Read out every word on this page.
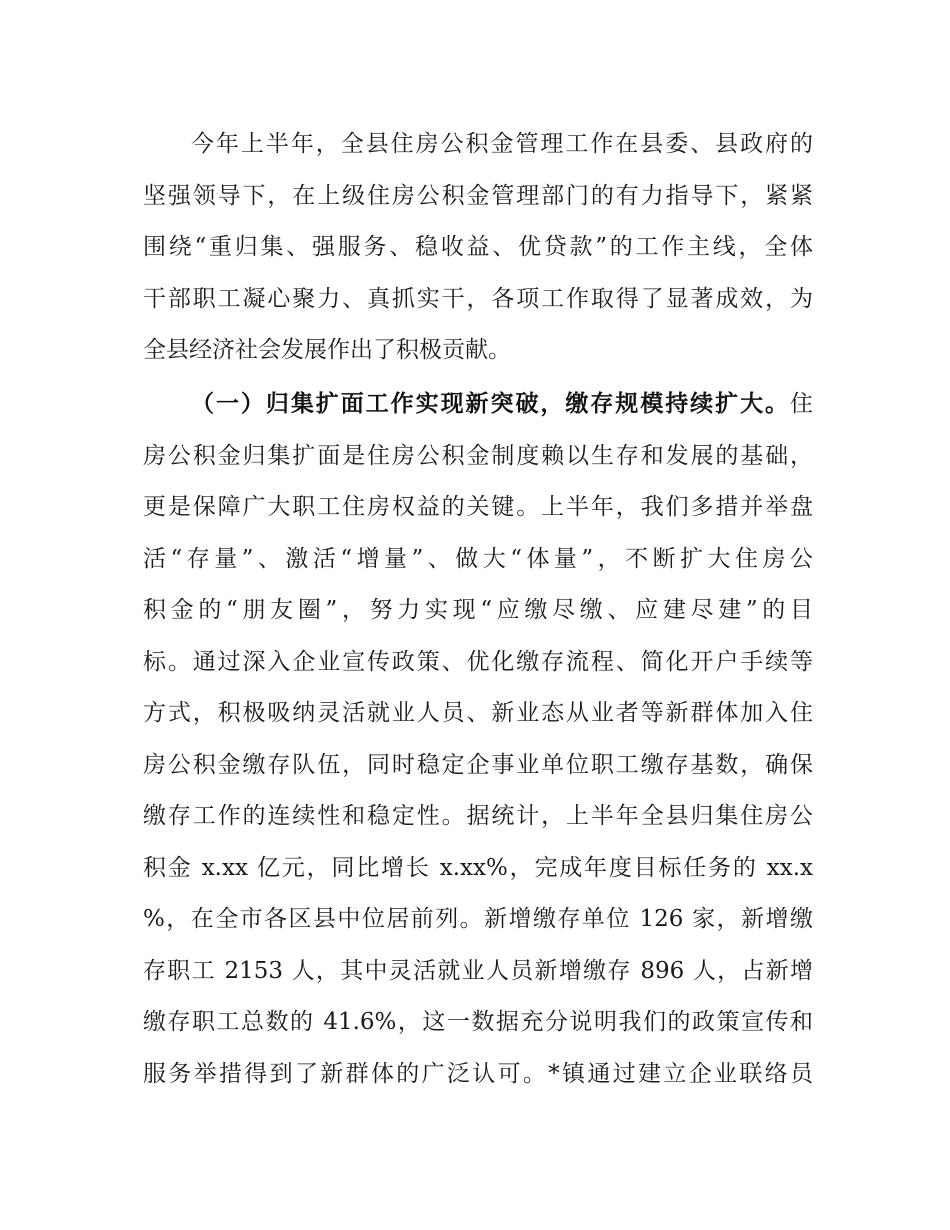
今年上半年，全县住房公积金管理工作在县委、县政府的
坚强领导下，在上级住房公积金管理部门的有力指导下，紧紧
围绕“重归集、强服务、稳收益、优贷款”的工作主线，全体
干部职工凝心聚力、真抓实干，各项工作取得了显著成效，为
全县经济社会发展作出了积极贡献。
（一）归集扩面工作实现新突破，缴存规模持续扩大。住
房公积金归集扩面是住房公积金制度赖以生存和发展的基础，
更是保障广大职工住房权益的关键。上半年，我们多措并举盘
活“存量”、激活“增量”、做大“体量”，不断扩大住房公
积金的“朋友圈”，努力实现“应缴尽缴、应建尽建”的目
标。通过深入企业宣传政策、优化缴存流程、简化开户手续等
方式，积极吸纳灵活就业人员、新业态从业者等新群体加入住
房公积金缴存队伍，同时稳定企事业单位职工缴存基数，确保
缴存工作的连续性和稳定性。据统计，上半年全县归集住房公
积金 x.xx 亿元，同比增长 x.xx%，完成年度目标任务的 xx.x
%，在全市各区县中位居前列。新增缴存单位 126 家，新增缴
存职工 2153 人，其中灵活就业人员新增缴存 896 人，占新增
缴存职工总数的 41.6%，这一数据充分说明我们的政策宣传和
服务举措得到了新群体的广泛认可。*镇通过建立企业联络员
